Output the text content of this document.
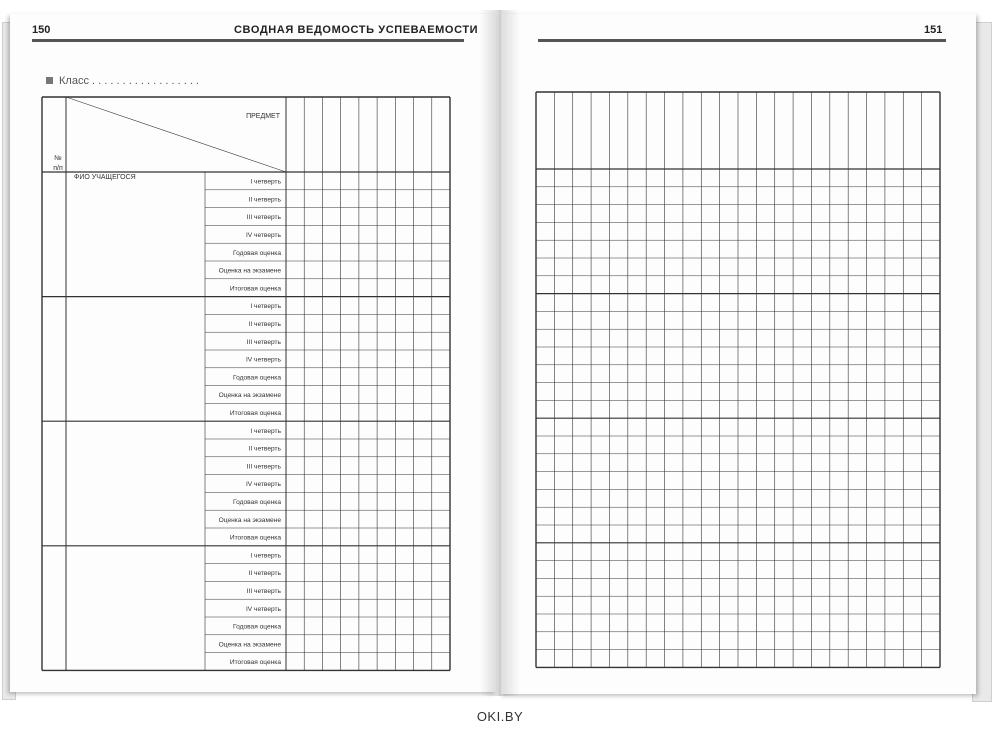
150	СВОДНАЯ ВЕДОМОСТЬ УСПЕВАЕМОСТИ
Класс . . . . . . . . . . . . . . . . . .
ПРЕДМЕТ
ФИО УЧАЩЕГОСЯ
№
п/п
I четверть
II четверть
III четверть
IV четверть
Годовая оценка
Оценка на экзамене
Итоговая оценка
I четверть
II четверть
III четверть
IV четверть
Годовая оценка
Оценка на экзамене
Итоговая оценка
I четверть
II четверть
III четверть
IV четверть
Годовая оценка
Оценка на экзамене
Итоговая оценка
I четверть
II четверть
III четверть
IV четверть
Годовая оценка
Оценка на экзамене
Итоговая оценка
151
OKI.BY
